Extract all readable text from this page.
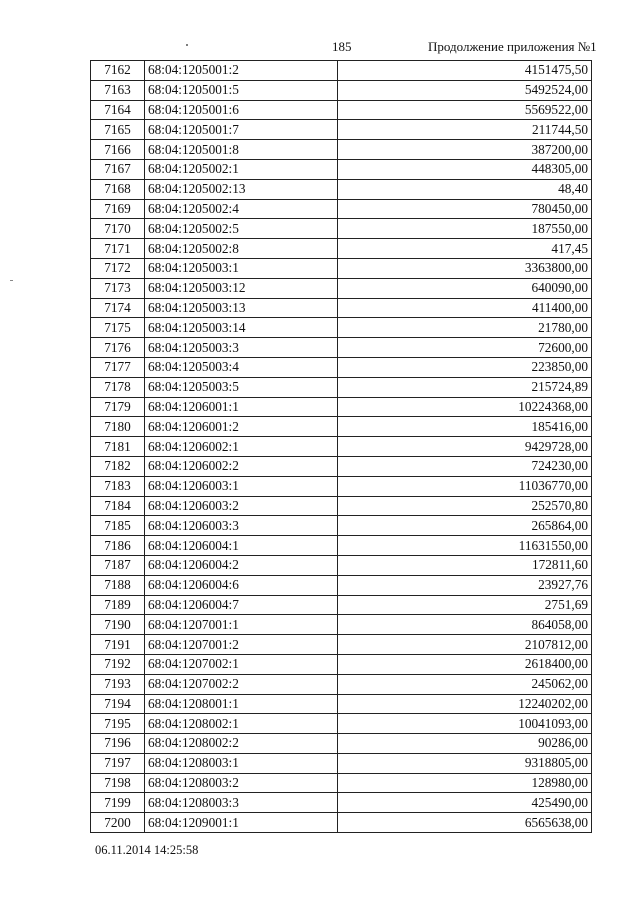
185	Продолжение приложения №1
7162	68:04:1205001:2	4151475,50
7163	68:04:1205001:5	5492524,00
7164	68:04:1205001:6	5569522,00
7165	68:04:1205001:7	211744,50
7166	68:04:1205001:8	387200,00
7167	68:04:1205002:1	448305,00
7168	68:04:1205002:13	48,40
7169	68:04:1205002:4	780450,00
7170	68:04:1205002:5	187550,00
7171	68:04:1205002:8	417,45
7172	68:04:1205003:1	3363800,00
7173	68:04:1205003:12	640090,00
7174	68:04:1205003:13	411400,00
7175	68:04:1205003:14	21780,00
7176	68:04:1205003:3	72600,00
7177	68:04:1205003:4	223850,00
7178	68:04:1205003:5	215724,89
7179	68:04:1206001:1	10224368,00
7180	68:04:1206001:2	185416,00
7181	68:04:1206002:1	9429728,00
7182	68:04:1206002:2	724230,00
7183	68:04:1206003:1	11036770,00
7184	68:04:1206003:2	252570,80
7185	68:04:1206003:3	265864,00
7186	68:04:1206004:1	11631550,00
7187	68:04:1206004:2	172811,60
7188	68:04:1206004:6	23927,76
7189	68:04:1206004:7	2751,69
7190	68:04:1207001:1	864058,00
7191	68:04:1207001:2	2107812,00
7192	68:04:1207002:1	2618400,00
7193	68:04:1207002:2	245062,00
7194	68:04:1208001:1	12240202,00
7195	68:04:1208002:1	10041093,00
7196	68:04:1208002:2	90286,00
7197	68:04:1208003:1	9318805,00
7198	68:04:1208003:2	128980,00
7199	68:04:1208003:3	425490,00
7200	68:04:1209001:1	6565638,00
06.11.2014 14:25:58
